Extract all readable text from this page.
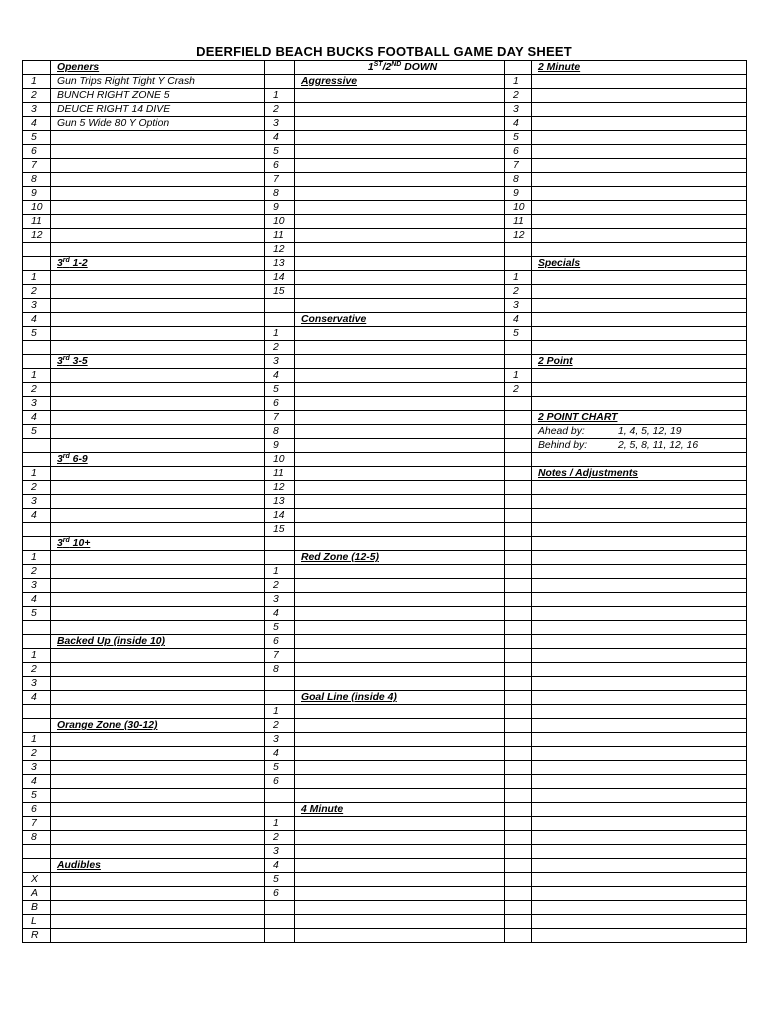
DEERFIELD BEACH BUCKS FOOTBALL GAME DAY SHEET
	Openers		1ST/2ND DOWN		2 Minute
1	Gun Trips Right Tight Y Crash		Aggressive	1	
2	BUNCH RIGHT ZONE 5	1		2	
3	DEUCE RIGHT 14 DIVE	2		3	
4	Gun 5 Wide 80 Y Option	3		4	
5		4		5	
6		5		6	
7		6		7	
8		7		8	
9		8		9	
10		9		10	
11		10		11	
12		11		12	
		12			
	3rd 1-2	13			Specials
1		14		1	
2		15		2	
3				3	
4			Conservative	4	
5		1		5	
		2			
	3rd 3-5	3			2 Point
1		4		1	
2		5		2	
3		6			
4		7			2 POINT CHART
5		8			Ahead by: 1, 4, 5, 12, 19
		9			Behind by: 2, 5, 8, 11, 12, 16
	3rd 6-9	10			
1		11			Notes / Adjustments
2		12			
3		13			
4		14			
		15			
	3rd 10+				
1			Red Zone (12-5)		
2		1			
3		2			
4		3			
5		4			
		5			
	Backed Up (inside 10)	6			
1		7			
2		8			
3					
4			Goal Line (inside 4)		
		1			
	Orange Zone (30-12)	2			
1		3			
2		4			
3		5			
4		6			
5					
6			4 Minute		
7		1			
8		2			
		3			
	Audibles	4			
X		5			
A		6			
B					
L					
R					
